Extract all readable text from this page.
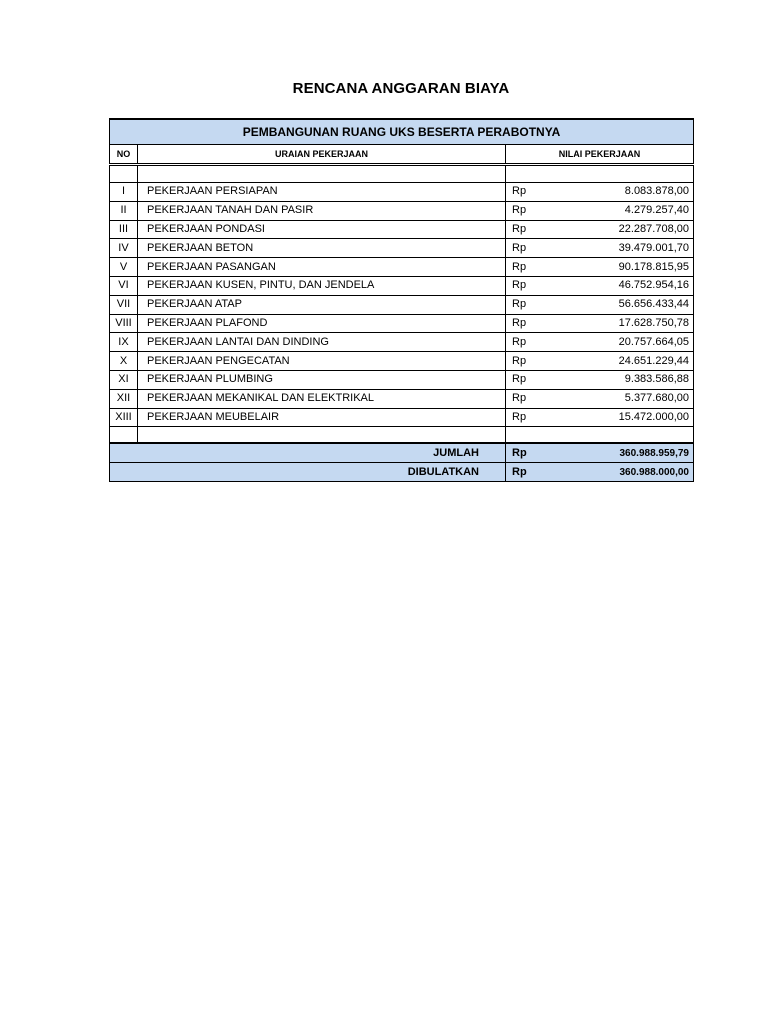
RENCANA ANGGARAN BIAYA
PEMBANGUNAN RUANG UKS BESERTA PERABOTNYA			
NO	URAIAN PEKERJAAN	NILAI PEKERJAAN	

I	PEKERJAAN PERSIAPAN	Rp	8.083.878,00
II	PEKERJAAN TANAH DAN PASIR	Rp	4.279.257,40
III	PEKERJAAN PONDASI	Rp	22.287.708,00
IV	PEKERJAAN BETON	Rp	39.479.001,70
V	PEKERJAAN PASANGAN	Rp	90.178.815,95
VI	PEKERJAAN KUSEN, PINTU, DAN JENDELA	Rp	46.752.954,16
VII	PEKERJAAN ATAP	Rp	56.656.433,44
VIII	PEKERJAAN PLAFOND	Rp	17.628.750,78
IX	PEKERJAAN LANTAI DAN DINDING	Rp	20.757.664,05
X	PEKERJAAN PENGECATAN	Rp	24.651.229,44
XI	PEKERJAAN PLUMBING	Rp	9.383.586,88
XII	PEKERJAAN MEKANIKAL DAN ELEKTRIKAL	Rp	5.377.680,00
XIII	PEKERJAAN MEUBELAIR	Rp	15.472.000,00

JUMLAH		Rp	360.988.959,79
DIBULATKAN		Rp	360.988.000,00
